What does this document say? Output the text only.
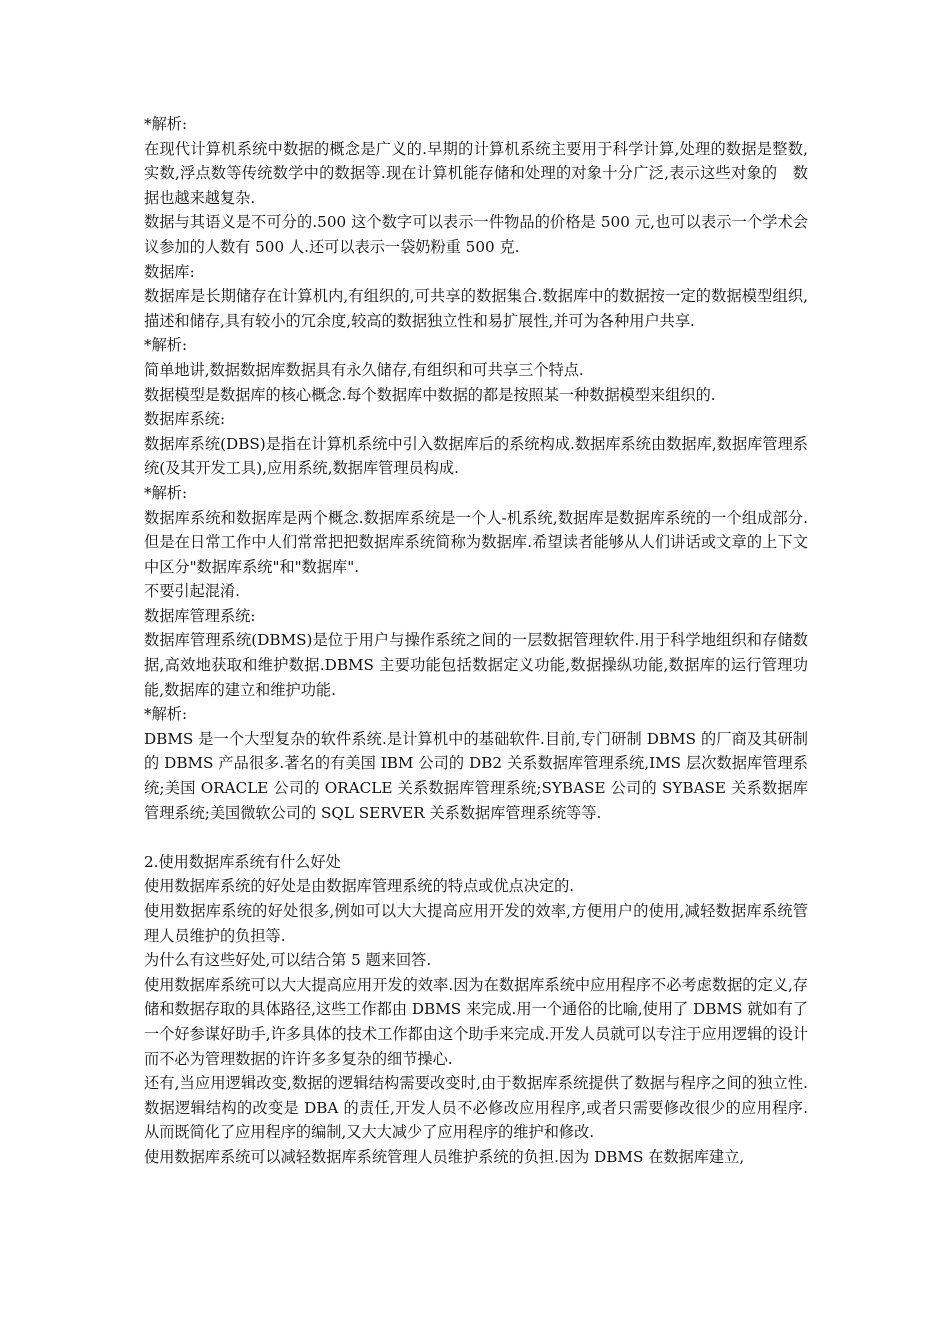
*解析:

在现代计算机系统中数据的概念是广义的.早期的计算机系统主要用于科学计算,处理的数据是整数,实数,浮点数等传统数学中的数据等.现在计算机能存储和处理的对象十分广泛,表示这些对象的　数据也越来越复杂.

数据与其语义是不可分的.500 这个数字可以表示一件物品的价格是 500 元,也可以表示一个学术会议参加的人数有 500 人.还可以表示一袋奶粉重 500 克.

数据库:

数据库是长期储存在计算机内,有组织的,可共享的数据集合.数据库中的数据按一定的数据模型组织,描述和储存,具有较小的冗余度,较高的数据独立性和易扩展性,并可为各种用户共享.

*解析:

简单地讲,数据数据库数据具有永久储存,有组织和可共享三个特点.

数据模型是数据库的核心概念.每个数据库中数据的都是按照某一种数据模型来组织的.

数据库系统:

数据库系统(DBS)是指在计算机系统中引入数据库后的系统构成.数据库系统由数据库,数据库管理系统(及其开发工具),应用系统,数据库管理员构成.

*解析:

数据库系统和数据库是两个概念.数据库系统是一个人-机系统,数据库是数据库系统的一个组成部分.但是在日常工作中人们常常把把数据库系统简称为数据库.希望读者能够从人们讲话或文章的上下文中区分"数据库系统"和"数据库".

不要引起混淆.

数据库管理系统:

数据库管理系统(DBMS)是位于用户与操作系统之间的一层数据管理软件.用于科学地组织和存储数据,高效地获取和维护数据.DBMS 主要功能包括数据定义功能,数据操纵功能,数据库的运行管理功能,数据库的建立和维护功能.

*解析:

DBMS 是一个大型复杂的软件系统.是计算机中的基础软件.目前,专门研制 DBMS 的厂商及其研制的 DBMS 产品很多.著名的有美国 IBM 公司的 DB2 关系数据库管理系统,IMS 层次数据库管理系统;美国 ORACLE 公司的 ORACLE 关系数据库管理系统;SYBASE 公司的 SYBASE 关系数据库管理系统;美国微软公司的 SQL SERVER 关系数据库管理系统等等.

2.使用数据库系统有什么好处

使用数据库系统的好处是由数据库管理系统的特点或优点决定的.

使用数据库系统的好处很多,例如可以大大提高应用开发的效率,方便用户的使用,减轻数据库系统管理人员维护的负担等.

为什么有这些好处,可以结合第 5 题来回答.

使用数据库系统可以大大提高应用开发的效率.因为在数据库系统中应用程序不必考虑数据的定义,存储和数据存取的具体路径,这些工作都由 DBMS 来完成.用一个通俗的比喻,使用了 DBMS 就如有了一个好参谋好助手,许多具体的技术工作都由这个助手来完成.开发人员就可以专注于应用逻辑的设计而不必为管理数据的许许多多复杂的细节操心.

还有,当应用逻辑改变,数据的逻辑结构需要改变时,由于数据库系统提供了数据与程序之间的独立性.数据逻辑结构的改变是 DBA 的责任,开发人员不必修改应用程序,或者只需要修改很少的应用程序.从而既简化了应用程序的编制,又大大减少了应用程序的维护和修改.

使用数据库系统可以减轻数据库系统管理人员维护系统的负担.因为 DBMS 在数据库建立,
